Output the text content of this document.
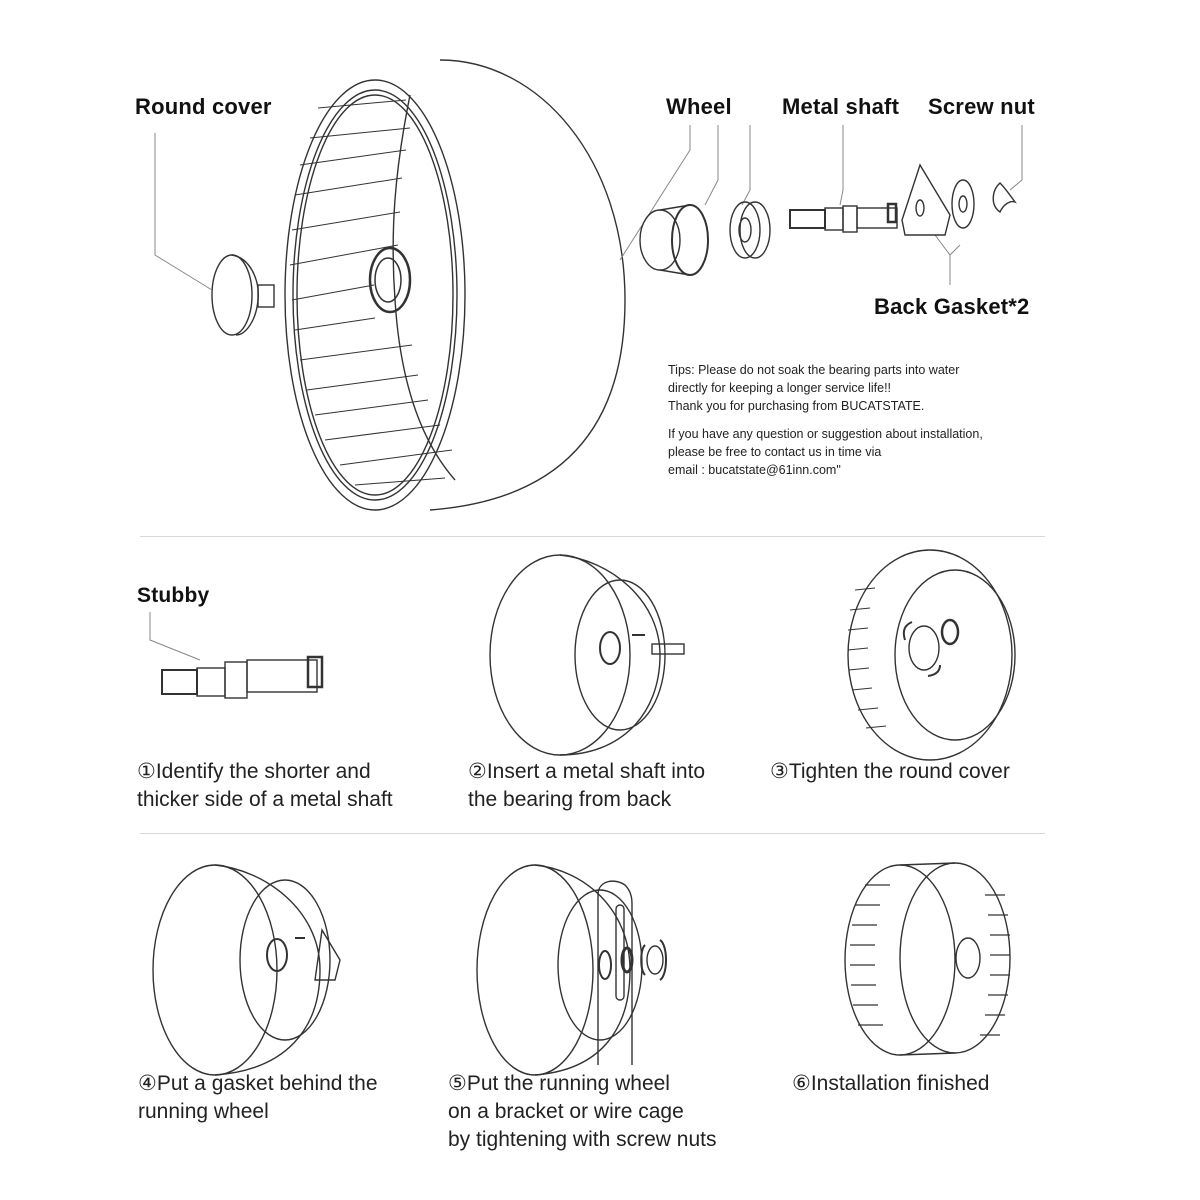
Round cover	Wheel Metal shaft Screw nut
Back Gasket*2
Tips: Please do not soak the bearing parts into water
directly for keeping a longer service life!!
Thank you for purchasing from BUCATSTATE.
If you have any question or suggestion about installation,
please be free to contact us in time via
email : bucatstate@61inn.com"
Stubby
①Identify the shorter and
thicker side of a metal shaft
②Insert a metal shaft into
the bearing from back
③Tighten the round cover
④Put a gasket behind the
running wheel
⑤Put the running wheel
on a bracket or wire cage
by tightening with screw nuts
⑥Installation finished
